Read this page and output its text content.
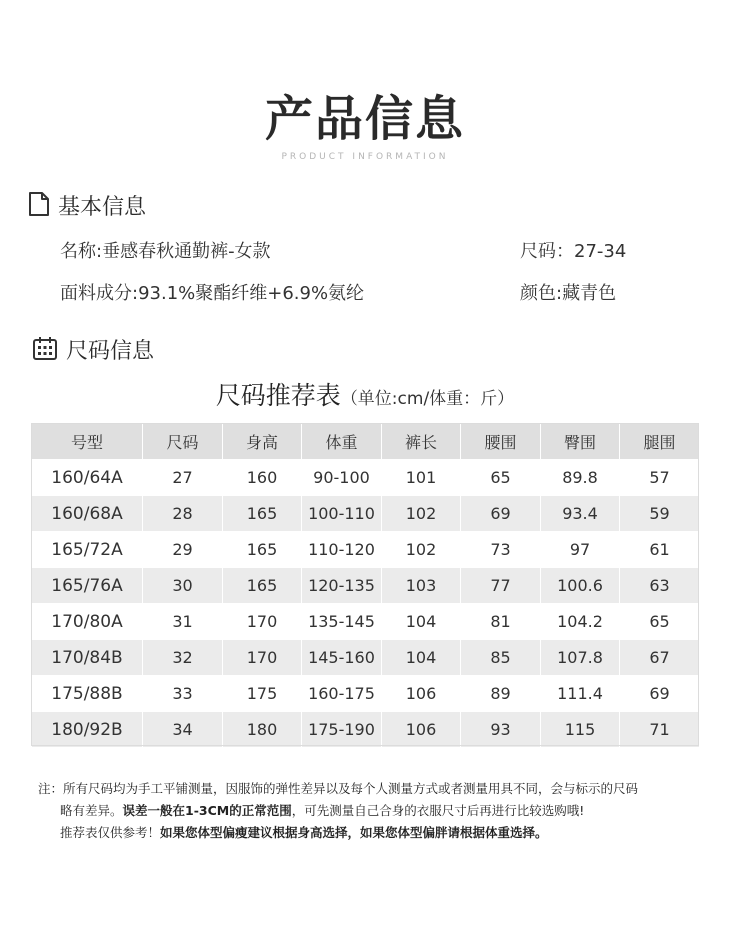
产品信息
PRODUCT INFORMATION
基本信息
名称:垂感春秋通勤裤-女款	尺码：27-34
面料成分:93.1%聚酯纤维+6.9%氨纶	颜色:藏青色
尺码信息
尺码推荐表（单位:cm/体重：斤）
号型	尺码	身高	体重	裤长	腰围	臀围	腿围
160/64A	27	160	90-100	101	65	89.8	57
160/68A	28	165	100-110	102	69	93.4	59
165/72A	29	165	110-120	102	73	97	61
165/76A	30	165	120-135	103	77	100.6	63
170/80A	31	170	135-145	104	81	104.2	65
170/84B	32	170	145-160	104	85	107.8	67
175/88B	33	175	160-175	106	89	111.4	69
180/92B	34	180	175-190	106	93	115	71
注：所有尺码均为手工平铺测量，因服饰的弹性差异以及每个人测量方式或者测量用具不同，会与标示的尺码
略有差异。误差一般在1-3CM的正常范围，可先测量自己合身的衣服尺寸后再进行比较选购哦!
推荐表仅供参考！如果您体型偏瘦建议根据身高选择，如果您体型偏胖请根据体重选择。
